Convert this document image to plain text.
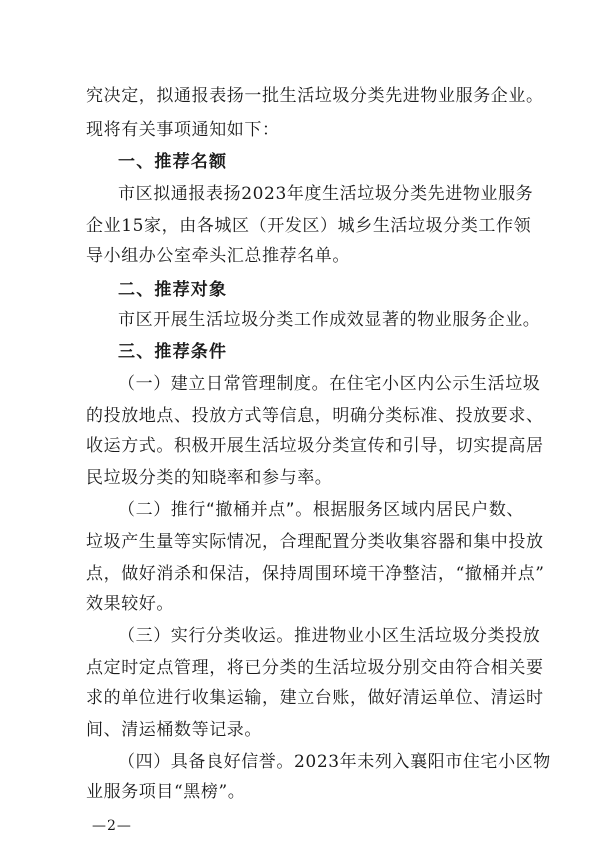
究决定，拟通报表扬一批生活垃圾分类先进物业服务企业。
现将有关事项通知如下：
一、推荐名额
市区拟通报表扬2023年度生活垃圾分类先进物业服务
企业15家，由各城区（开发区）城乡生活垃圾分类工作领
导小组办公室牵头汇总推荐名单。
二、推荐对象
市区开展生活垃圾分类工作成效显著的物业服务企业。
三、推荐条件
（一）建立日常管理制度。在住宅小区内公示生活垃圾
的投放地点、投放方式等信息，明确分类标准、投放要求、
收运方式。积极开展生活垃圾分类宣传和引导，切实提高居
民垃圾分类的知晓率和参与率。
（二）推行“撤桶并点”。根据服务区域内居民户数、
垃圾产生量等实际情况，合理配置分类收集容器和集中投放
点，做好消杀和保洁，保持周围环境干净整洁，“撤桶并点”
效果较好。
（三）实行分类收运。推进物业小区生活垃圾分类投放
点定时定点管理，将已分类的生活垃圾分别交由符合相关要
求的单位进行收集运输，建立台账，做好清运单位、清运时
间、清运桶数等记录。
（四）具备良好信誉。2023年未列入襄阳市住宅小区物
业服务项目“黑榜”。
—2—
